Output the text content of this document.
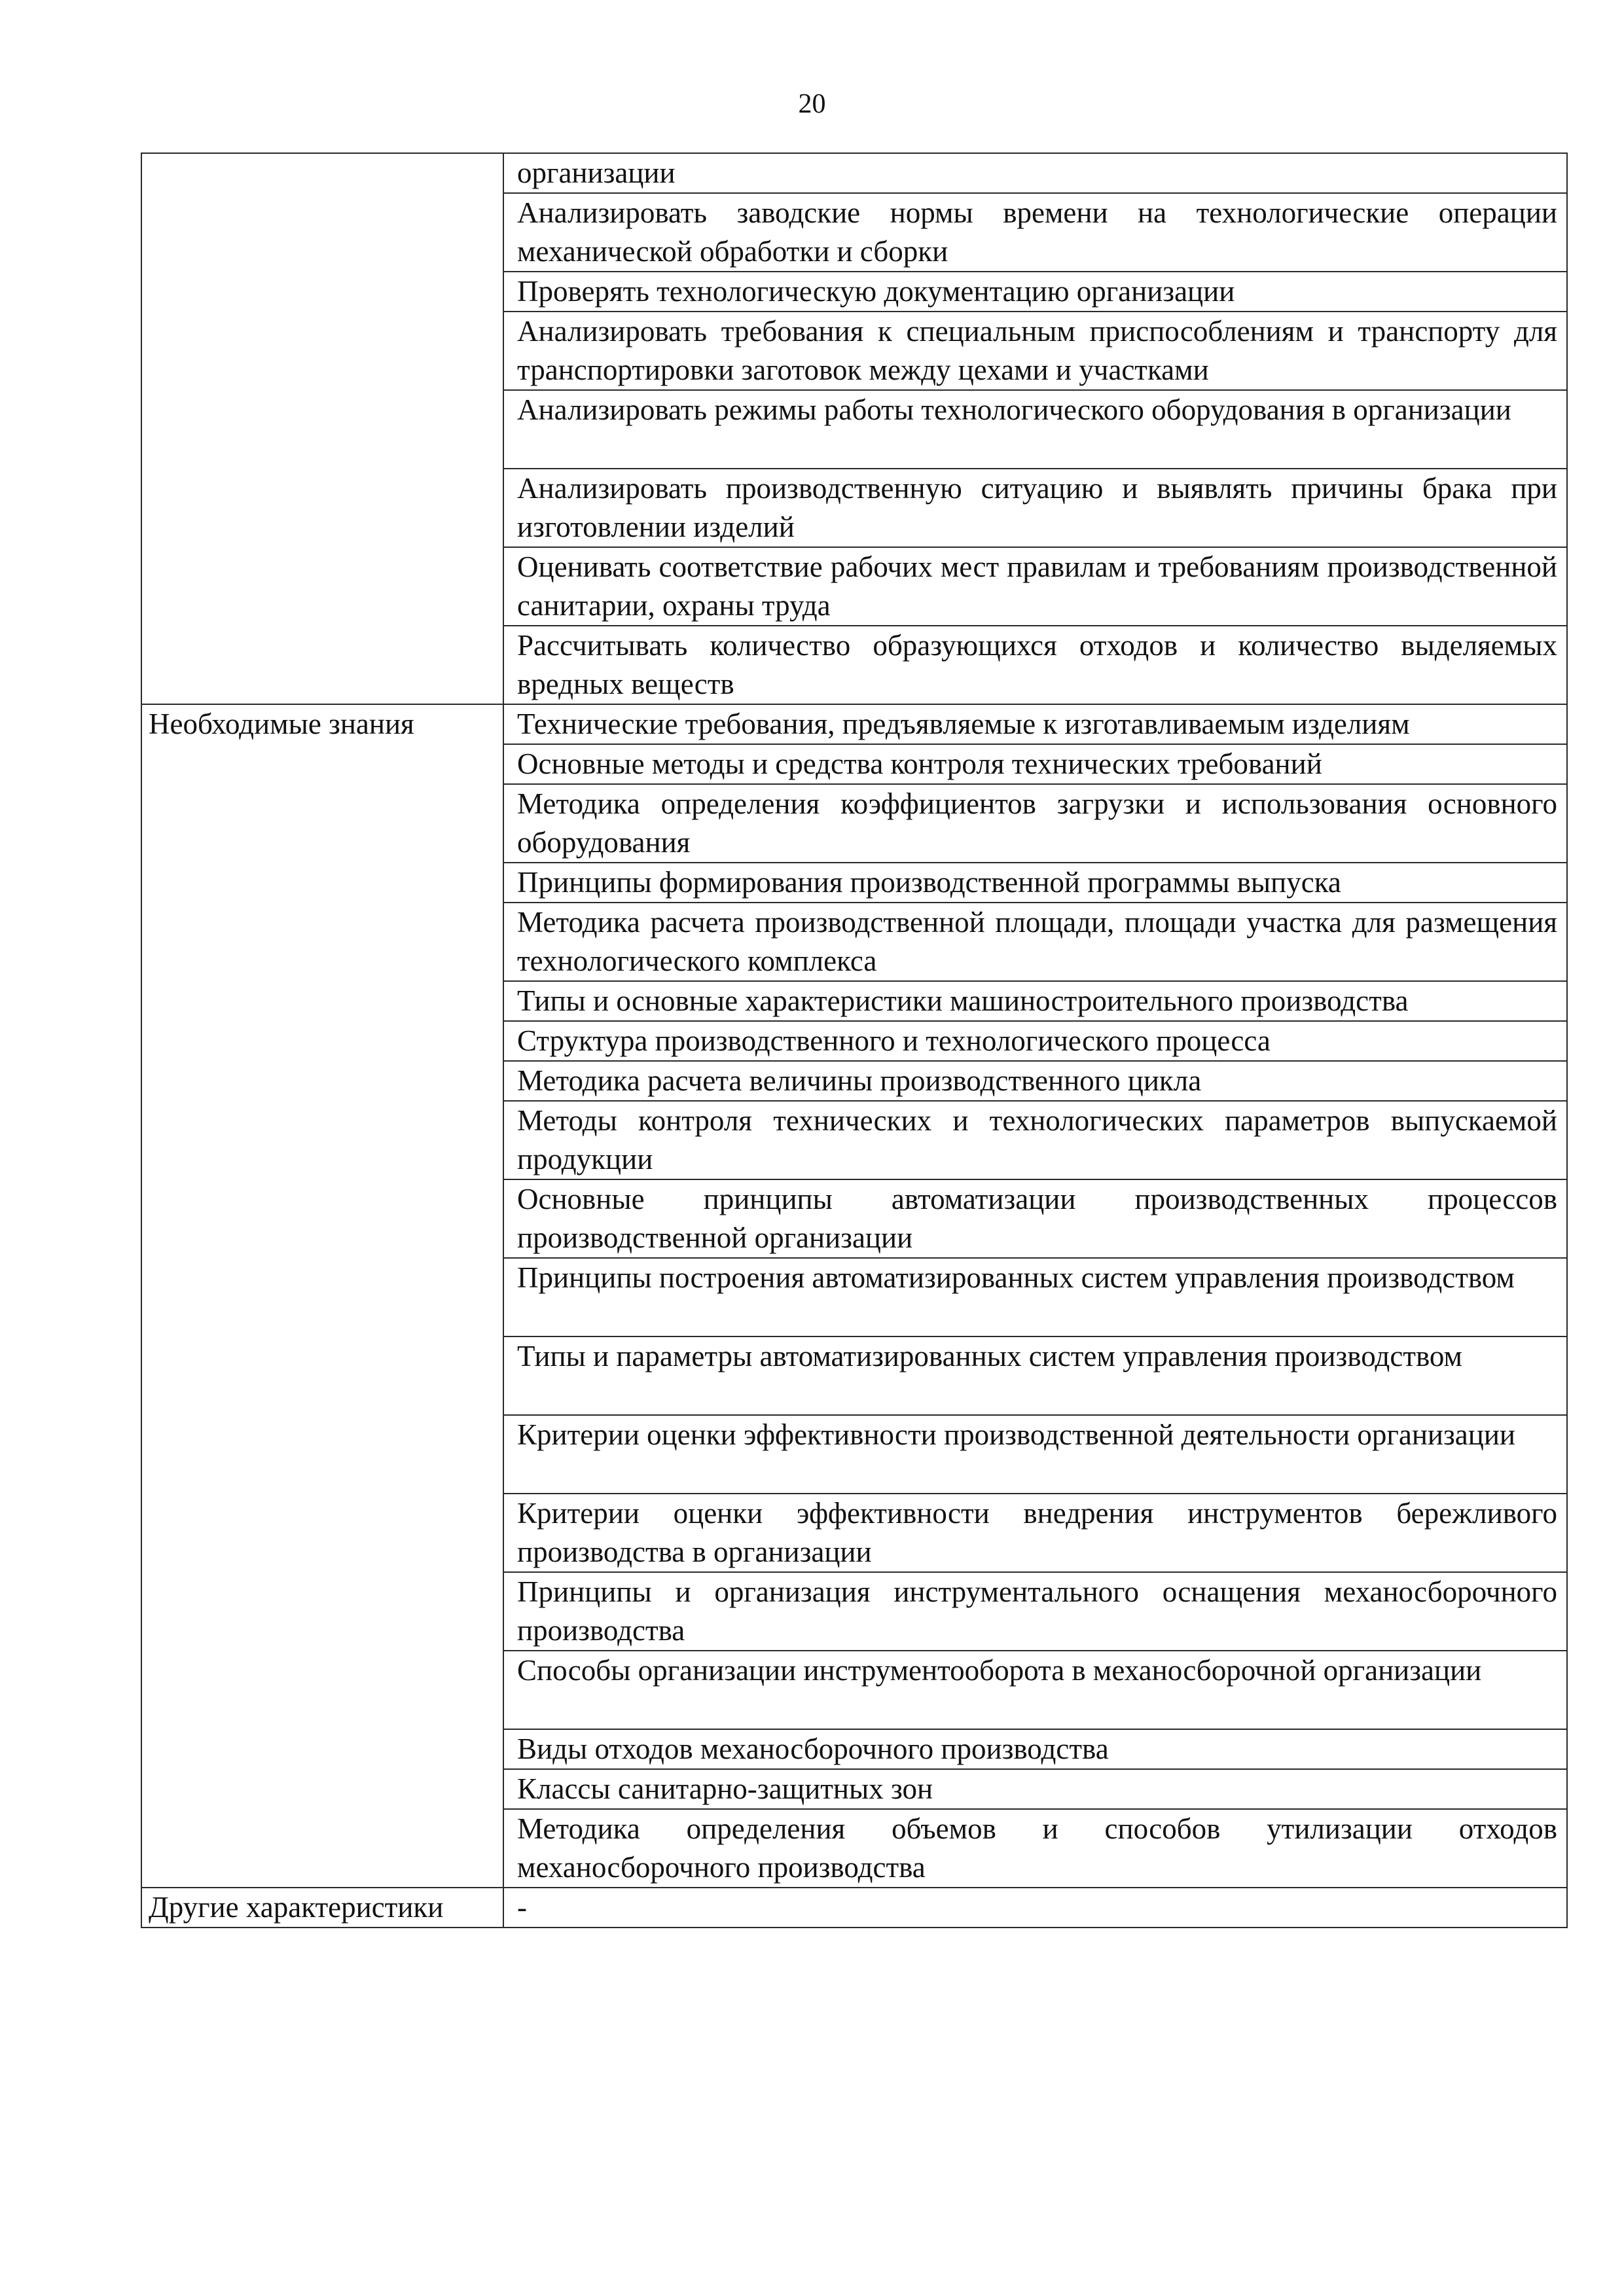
20
	организации
	Анализировать заводские нормы времени на технологические операции механической обработки и сборки
	Проверять технологическую документацию организации
	Анализировать требования к специальным приспособлениям и транспорту для транспортировки заготовок между цехами и участками
	Анализировать режимы работы технологического оборудования в организации
	Анализировать производственную ситуацию и выявлять причины брака при изготовлении изделий
	Оценивать соответствие рабочих мест правилам и требованиям производственной санитарии, охраны труда
	Рассчитывать количество образующихся отходов и количество выделяемых вредных веществ
Необходимые знания	Технические требования, предъявляемые к изготавливаемым изделиям
	Основные методы и средства контроля технических требований
	Методика определения коэффициентов загрузки и использования основного оборудования
	Принципы формирования производственной программы выпуска
	Методика расчета производственной площади, площади участка для размещения технологического комплекса
	Типы и основные характеристики машиностроительного производства
	Структура производственного и технологического процесса
	Методика расчета величины производственного цикла
	Методы контроля технических и технологических параметров выпускаемой продукции
	Основные принципы автоматизации производственных процессов производственной организации
	Принципы построения автоматизированных систем управления производством
	Типы и параметры автоматизированных систем управления производством
	Критерии оценки эффективности производственной деятельности организации
	Критерии оценки эффективности внедрения инструментов бережливого производства в организации
	Принципы и организация инструментального оснащения механосборочного производства
	Способы организации инструментооборота в механосборочной организации
	Виды отходов механосборочного производства
	Классы санитарно-защитных зон
	Методика определения объемов и способов утилизации отходов механосборочного производства
Другие характеристики	-
